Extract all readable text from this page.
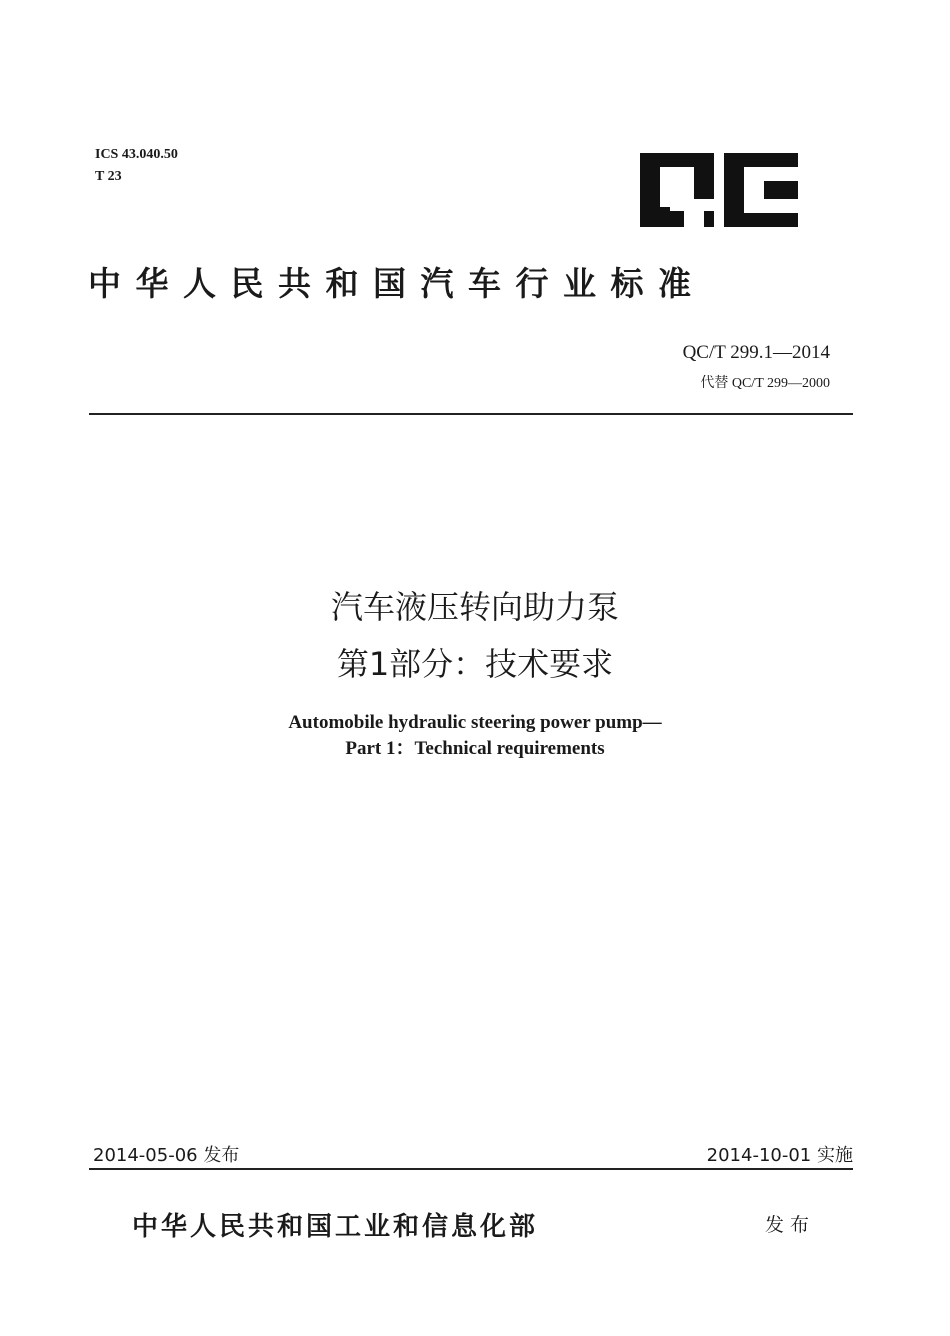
ICS 43.040.50
T 23
中华人民共和国汽车行业标准
QC/T 299.1—2014
代替 QC/T 299—2000
汽车液压转向助力泵
第1部分：技术要求
Automobile hydraulic steering power pump—
Part 1：Technical requirements
2014-05-06 发布	2014-10-01 实施
中华人民共和国工业和信息化部	发布
